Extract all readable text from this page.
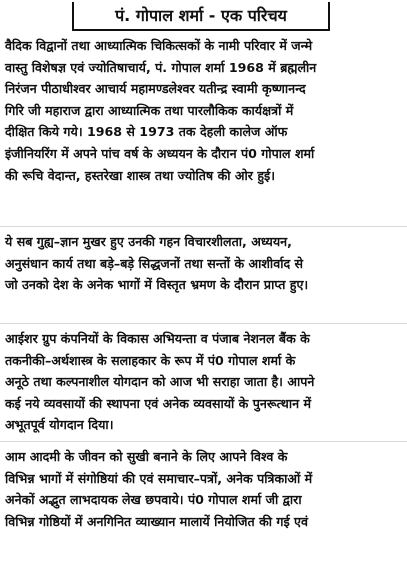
पं. गोपाल शर्मा - एक परिचय
वैदिक विद्वानों तथा आध्यात्मिक चिकित्सकों के नामी परिवार में जन्मे
वास्तु विशेषज्ञ एवं ज्योतिषाचार्य, पं. गोपाल शर्मा 1968 में ब्रह्मलीन
निरंजन पीठाधीश्वर आचार्य महामण्डलेश्वर यतीन्द्र स्वामी कृष्णानन्द
गिरि जी महाराज द्वारा आध्यात्मिक तथा पारलौकिक कार्यक्षत्रों में
दीक्षित किये गये। 1968 से 1973 तक देहली कालेज ऑफ
इंजीनियरिंग में अपने पांच वर्ष के अध्ययन के दौरान पं0 गोपाल शर्मा
की रूचि वेदान्त, हस्तरेखा शास्त्र तथा ज्योतिष की ओर हुई।
ये सब गुह्य–ज्ञान मुखर हुए उनकी गहन विचारशीलता, अध्ययन,
अनुसंधान कार्य तथा बड़े–बड़े सिद्धजनों तथा सन्तों के आशीर्वाद से
जो उनको देश के अनेक भागों में विस्तृत भ्रमण के दौरान प्राप्त हुए।
आईशर ग्रुप कंपनियों के विकास अभियन्ता व पंजाब नेशनल बैंक के
तकनीकी–अर्थशास्त्र के सलाहकार के रूप में पं0 गोपाल शर्मा के
अनूठे तथा कल्पनाशील योगदान को आज भी सराहा जाता है। आपने
कई नये व्यवसायों की स्थापना एवं अनेक व्यवसायों के पुनरूत्थान में
अभूतपूर्व योगदान दिया।
आम आदमी के जीवन को सुखी बनाने के लिए आपने विश्व के
विभिन्न भागों में संगोष्ठियां की एवं समाचार–पत्रों, अनेक पत्रिकाओं में
अनेकों अद्भुत लाभदायक लेख छपवाये। पं0 गोपाल शर्मा जी द्वारा
विभिन्न गोष्ठियों में अनगिनित व्याख्यान मालायें नियोजित की गई एवं
